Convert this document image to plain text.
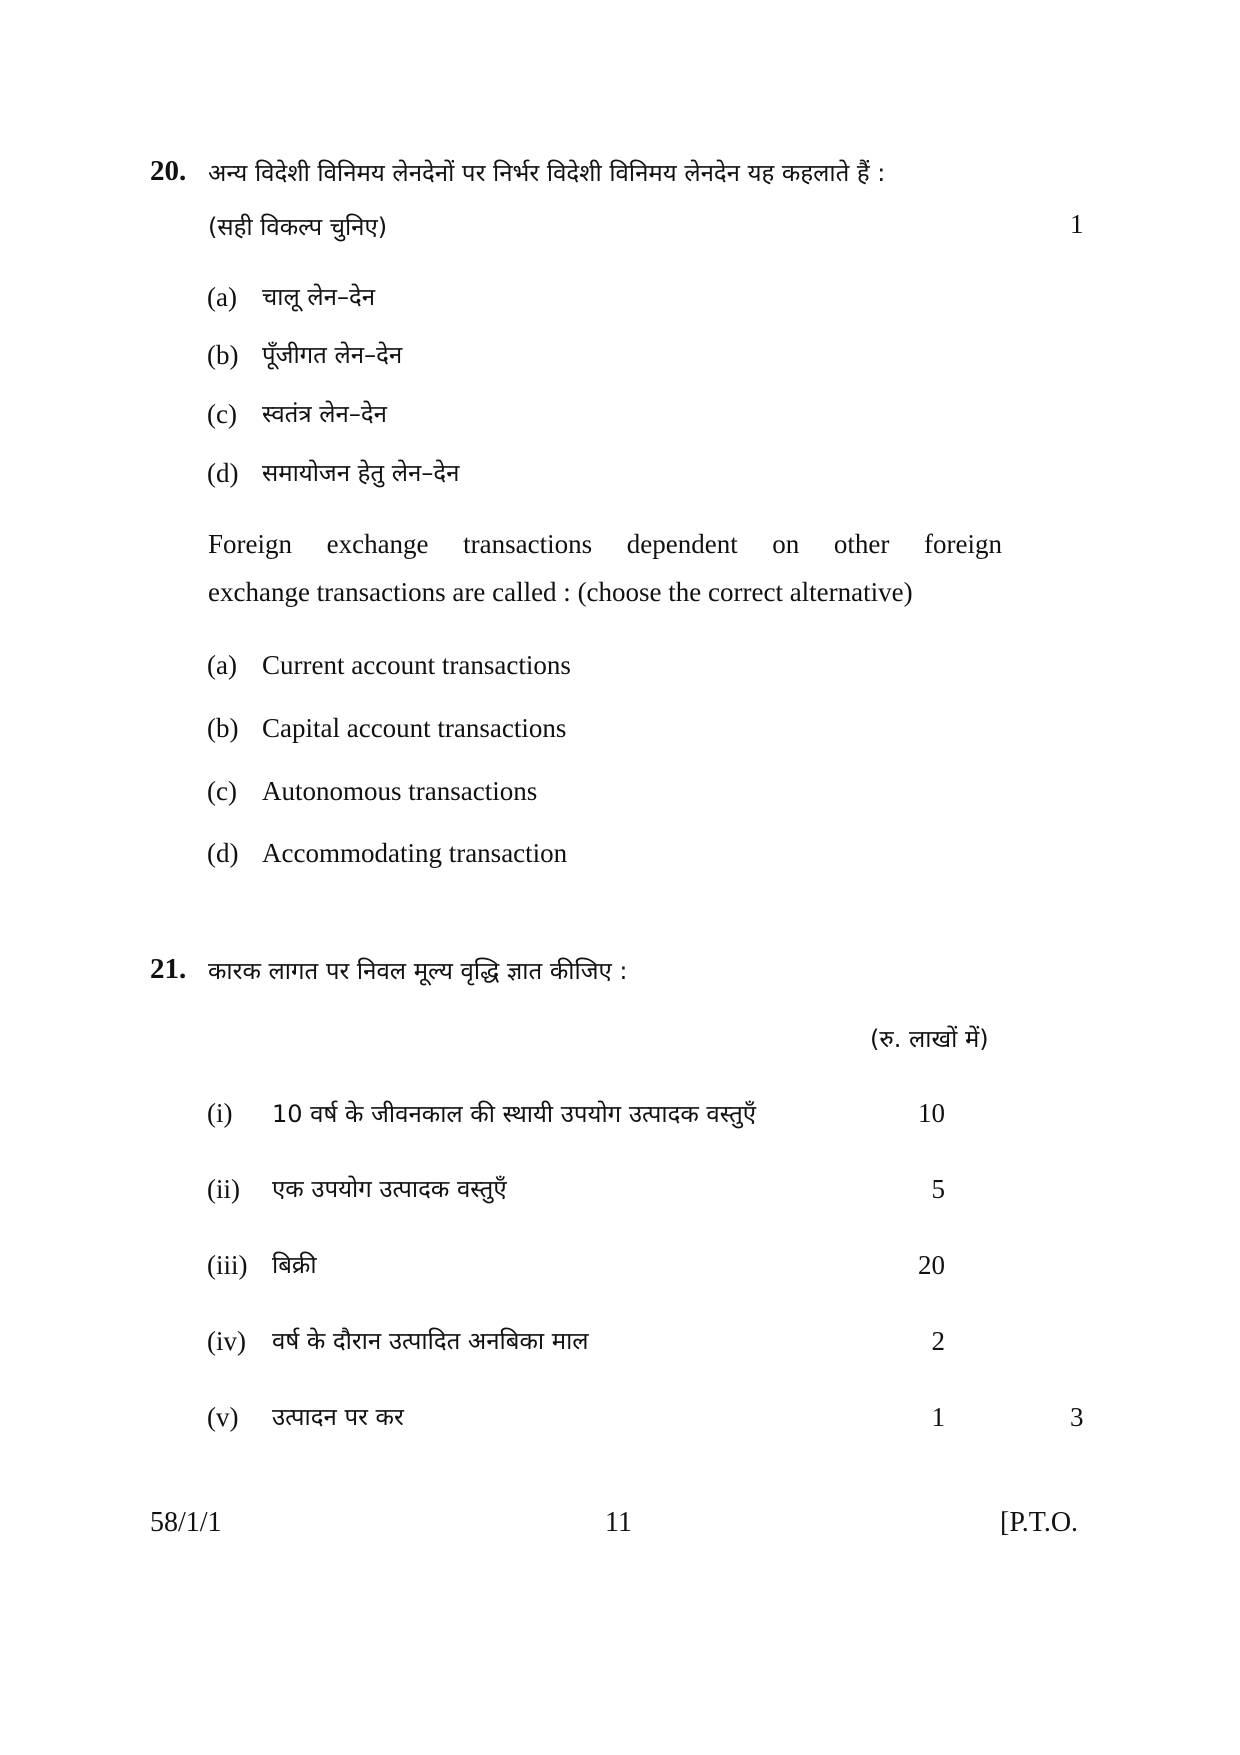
20. अन्य विदेशी विनिमय लेनदेनों पर निर्भर विदेशी विनिमय लेनदेन यह कहलाते हैं :
(सही विकल्प चुनिए)	1
(a) चालू लेन–देन
(b) पूँजीगत लेन–देन
(c) स्वतंत्र लेन–देन
(d) समायोजन हेतु लेन–देन
Foreign exchange transactions dependent on other foreign
exchange transactions are called : (choose the correct alternative)
(a) Current account transactions
(b) Capital account transactions
(c) Autonomous transactions
(d) Accommodating transaction
21. कारक लागत पर निवल मूल्य वृद्धि ज्ञात कीजिए :
(रु. लाखों में)
(i) 10 वर्ष के जीवनकाल की स्थायी उपयोग उत्पादक वस्तुएँ	10
(ii) एक उपयोग उत्पादक वस्तुएँ	5
(iii) बिक्री	20
(iv) वर्ष के दौरान उत्पादित अनबिका माल	2
(v) उत्पादन पर कर	1	3
58/1/1	11	[P.T.O.
